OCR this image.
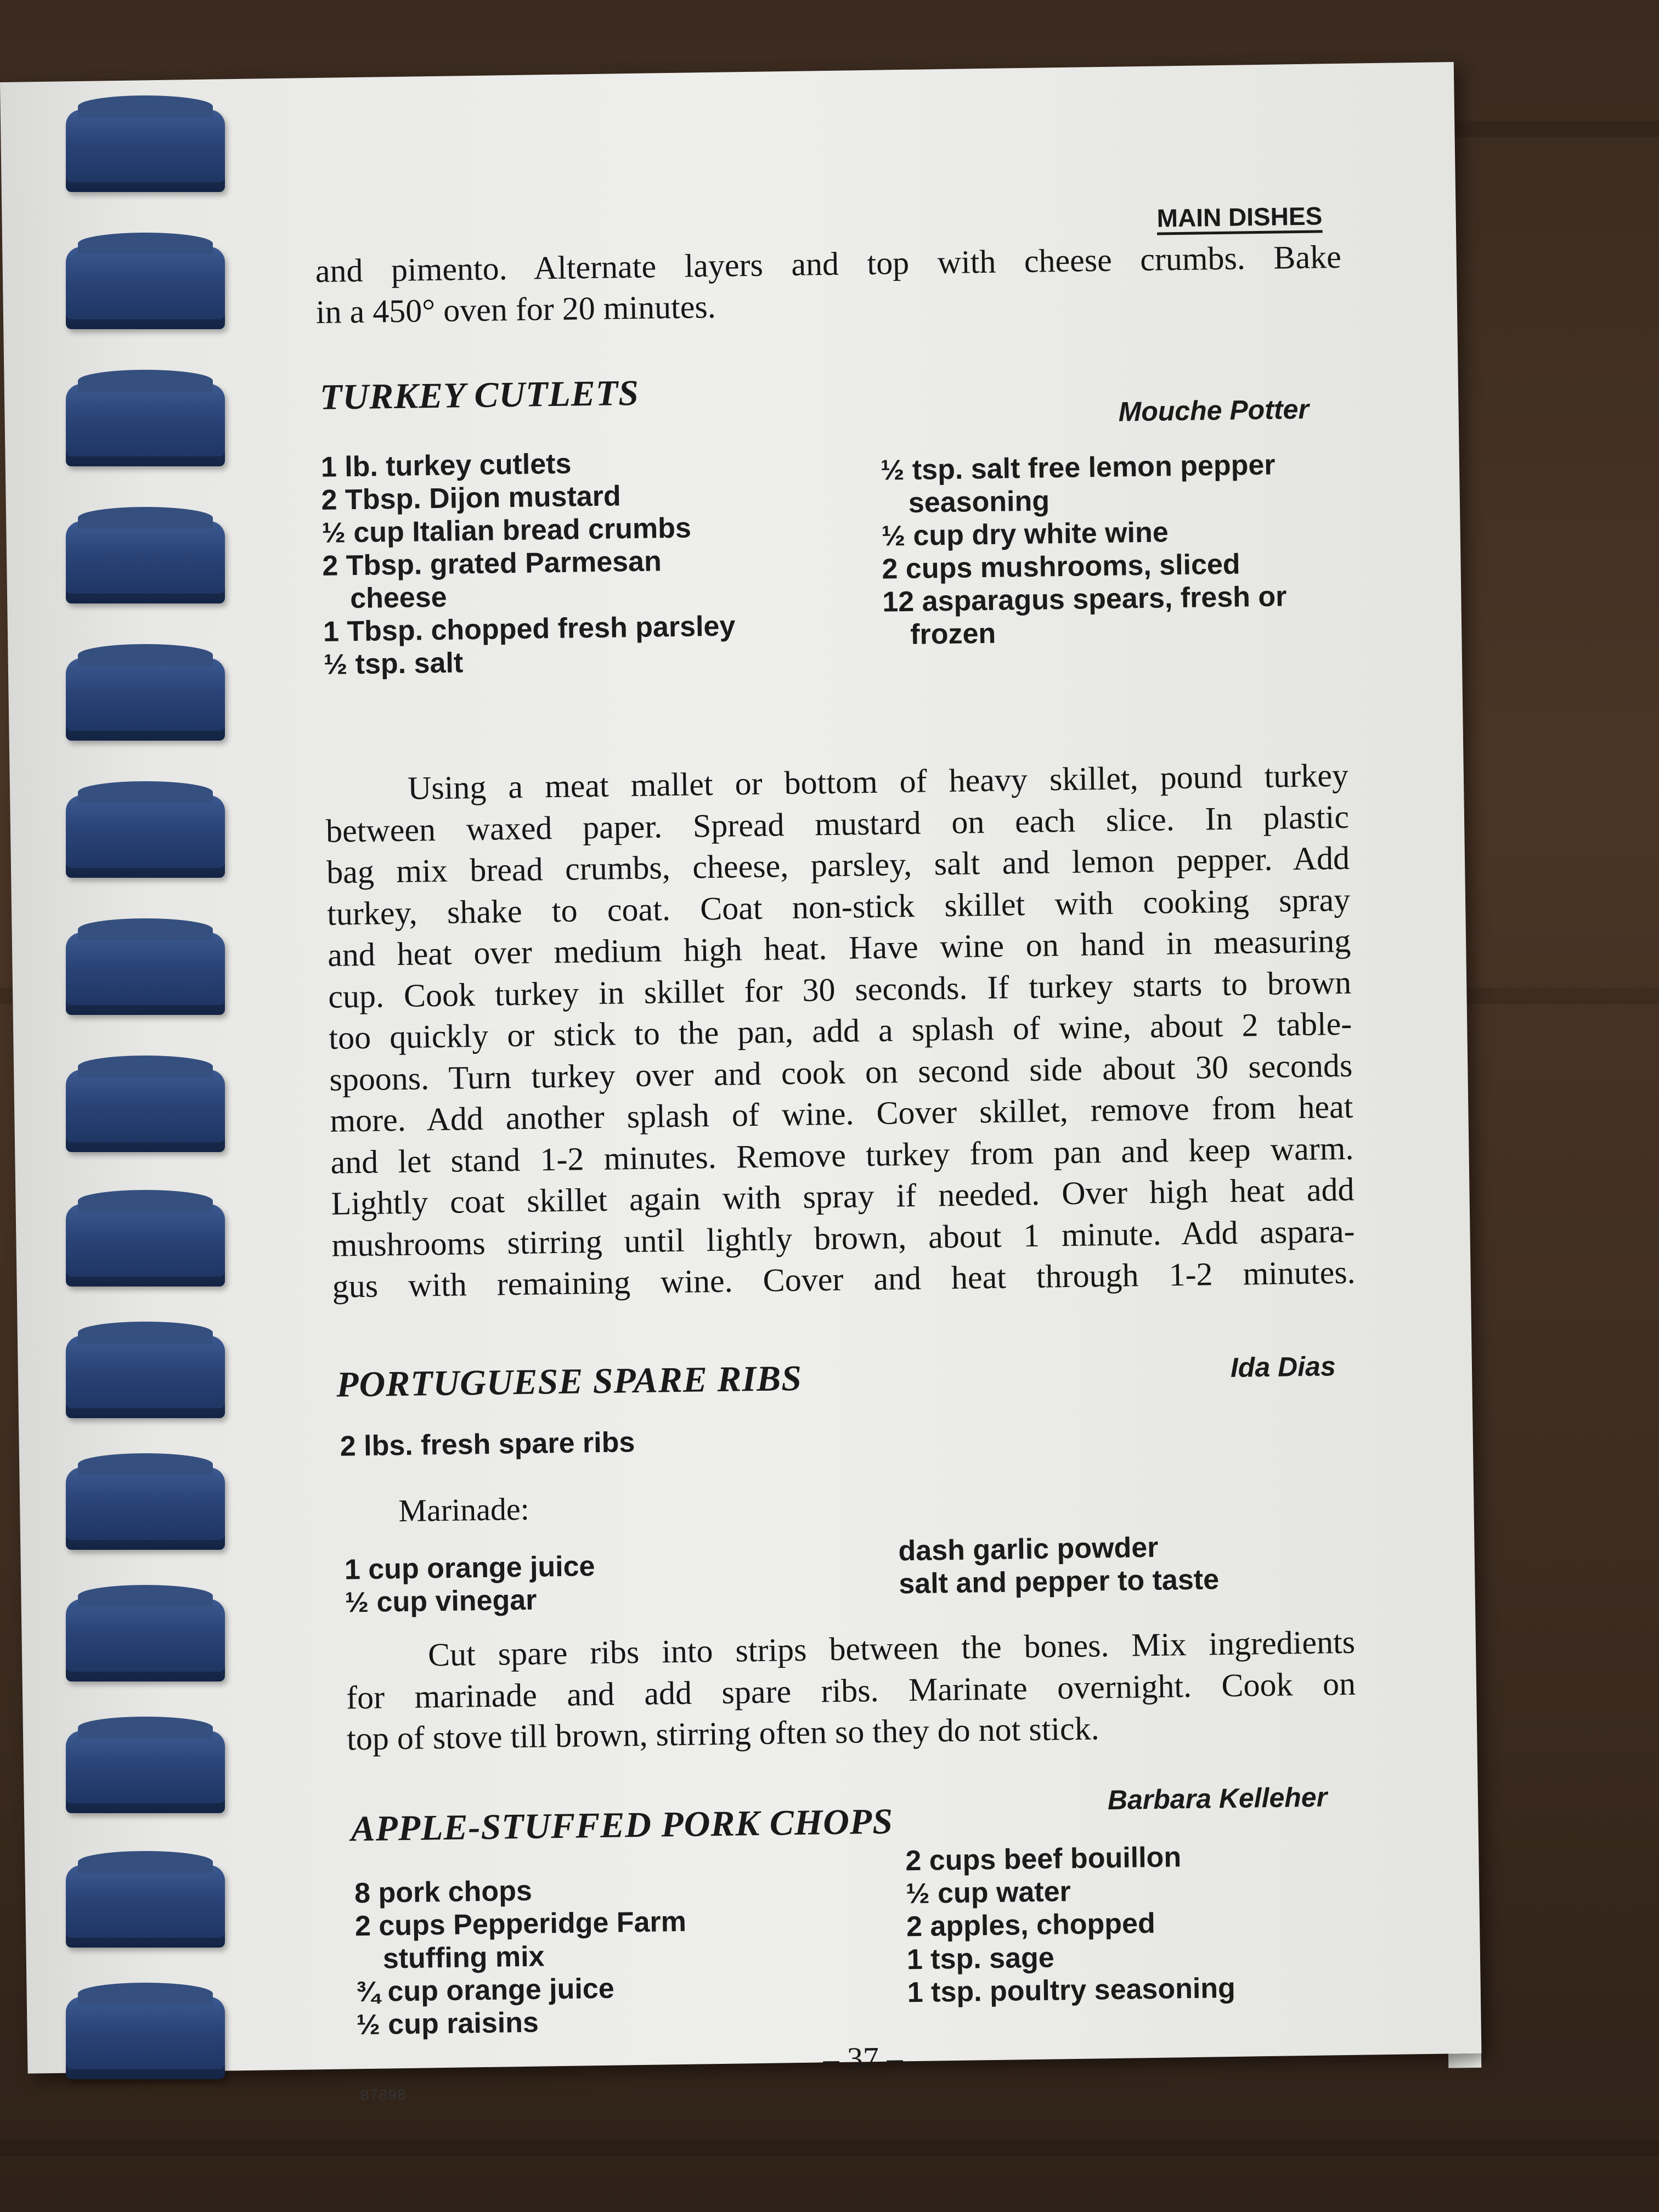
MAIN DISHES
and pimento. Alternate layers and top with cheese crumbs. Bake
in a 450° oven for 20 minutes.
TURKEY CUTLETS	Mouche Potter
1 lb. turkey cutlets
2 Tbsp. Dijon mustard
½ cup Italian bread crumbs
2 Tbsp. grated Parmesan
cheese
1 Tbsp. chopped fresh parsley
½ tsp. salt
½ tsp. salt free lemon pepper
seasoning
½ cup dry white wine
2 cups mushrooms, sliced
12 asparagus spears, fresh or
frozen
Using a meat mallet or bottom of heavy skillet, pound turkey
between waxed paper. Spread mustard on each slice. In plastic
bag mix bread crumbs, cheese, parsley, salt and lemon pepper. Add
turkey, shake to coat. Coat non-stick skillet with cooking spray
and heat over medium high heat. Have wine on hand in measuring
cup. Cook turkey in skillet for 30 seconds. If turkey starts to brown
too quickly or stick to the pan, add a splash of wine, about 2 table-
spoons. Turn turkey over and cook on second side about 30 seconds
more. Add another splash of wine. Cover skillet, remove from heat
and let stand 1-2 minutes. Remove turkey from pan and keep warm.
Lightly coat skillet again with spray if needed. Over high heat add
mushrooms stirring until lightly brown, about 1 minute. Add aspara-
gus with remaining wine. Cover and heat through 1-2 minutes.
PORTUGUESE SPARE RIBS	Ida Dias
2 lbs. fresh spare ribs
Marinade:
1 cup orange juice
½ cup vinegar
dash garlic powder
salt and pepper to taste
Cut spare ribs into strips between the bones. Mix ingredients
for marinade and add spare ribs. Marinate overnight. Cook on
top of stove till brown, stirring often so they do not stick.
APPLE-STUFFED PORK CHOPS
Barbara Kelleher
8 pork chops
2 cups Pepperidge Farm
stuffing mix
¾ cup orange juice
½ cup raisins
2 cups beef bouillon
½ cup water
2 apples, chopped
1 tsp. sage
1 tsp. poultry seasoning
– 37 –
87898
